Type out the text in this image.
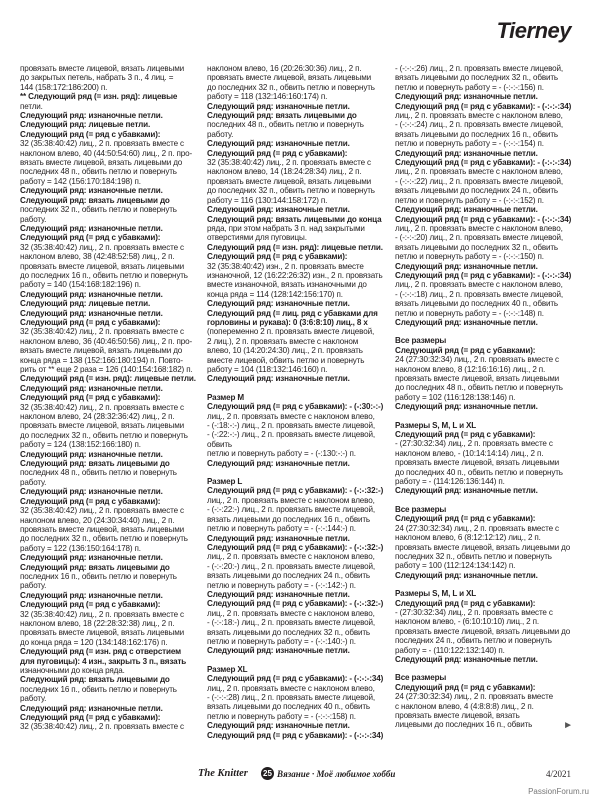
Tierney

провязать вместе лицевой, вязать лицевыми

до закрытых петель, набрать 3 п., 4 лиц. =

144 (158:172:186:200) п.

** Следующий ряд (= изн. ряд): лицевые

петли.

Следующий ряд: изнаночные петли.

Следующий ряд: лицевые петли.

Следующий ряд (= ряд с убавками):

32 (35:38:40:42) лиц., 2 п. провязать вместе с

наклоном влево, 40 (44:50:54:60) лиц., 2 п. про-

вязать вместе лицевой, вязать лицевыми до

последних 48 п., обвить петлю и повернуть

работу = 142 (156:170:184:198) п.

Следующий ряд: изнаночные петли.

Следующий ряд: вязать лицевыми до

последних 32 п., обвить петлю и повернуть

работу.

Следующий ряд: изнаночные петли.

Следующий ряд (= ряд с убавками):

32 (35:38:40:42) лиц., 2 п. провязать вместе с

наклоном влево, 38 (42:48:52:58) лиц., 2 п.

провязать вместе лицевой, вязать лицевыми

до последних 16 п., обвить петлю и повернуть

работу = 140 (154:168:182:196) п.

Следующий ряд: изнаночные петли.

Следующий ряд: лицевые петли.

Следующий ряд: изнаночные петли.

Следующий ряд (= ряд с убавками):

32 (35:38:40:42) лиц., 2 п. провязать вместе с

наклоном влево, 36 (40:46:50:56) лиц., 2 п. про-

вязать вместе лицевой, вязать лицевыми до

конца ряда = 138 (152:166:180:194) п. Повто-

рить от ** еще 2 раза = 126 (140:154:168:182) п.

Следующий ряд (= изн. ряд): лицевые петли.

Следующий ряд: изнаночные петли.

Следующий ряд (= ряд с убавками):

32 (35:38:40:42) лиц., 2 п. провязать вместе с

наклоном влево, 24 (28:32:36:42) лиц., 2 п.

провязать вместе лицевой, вязать лицевыми

до последних 32 п., обвить петлю и повернуть

работу = 124 (138:152:166:180) п.

Следующий ряд: изнаночные петли.

Следующий ряд: вязать лицевыми до

последних 48 п., обвить петлю и повернуть

работу.

Следующий ряд: изнаночные петли.

Следующий ряд (= ряд с убавками):

32 (35:38:40:42) лиц., 2 п. провязать вместе с

наклоном влево, 20 (24:30:34:40) лиц., 2 п.

провязать вместе лицевой, вязать лицевыми

до последних 32 п., обвить петлю и повернуть

работу = 122 (136:150:164:178) п.

Следующий ряд: изнаночные петли.

Следующий ряд: вязать лицевыми до

последних 16 п., обвить петлю и повернуть

работу.

Следующий ряд: изнаночные петли.

Следующий ряд (= ряд с убавками):

32 (35:38:40:42) лиц., 2 п. провязать вместе с

наклоном влево, 18 (22:28:32:38) лиц., 2 п.

провязать вместе лицевой, вязать лицевыми

до конца ряда = 120 (134:148:162:176) п.

Следующий ряд (= изн. ряд с отверстием

для пуговицы): 4 изн., закрыть 3 п., вязать

изнаночными до конца ряда.

Следующий ряд: вязать лицевыми до

последних 16 п., обвить петлю и повернуть

работу.

Следующий ряд: изнаночные петли.

Следующий ряд (= ряд с убавками):

32 (35:38:40:42) лиц., 2 п. провязать вместе с

наклоном влево, 16 (20:26:30:36) лиц., 2 п.

провязать вместе лицевой, вязать лицевыми

до последних 32 п., обвить петлю и повернуть

работу = 118 (132:146:160:174) п.

Следующий ряд: изнаночные петли.

Следующий ряд: вязать лицевыми до

последних 48 п., обвить петлю и повернуть

работу.

Следующий ряд: изнаночные петли.

Следующий ряд (= ряд с убавками):

32 (35:38:40:42) лиц., 2 п. провязать вместе с

наклоном влево, 14 (18:24:28:34) лиц., 2 п.

провязать вместе лицевой, вязать лицевыми

до последних 32 п., обвить петлю и повернуть

работу = 116 (130:144:158:172) п.

Следующий ряд: изнаночные петли.

Следующий ряд: вязать лицевыми до конца

ряда, при этом набрать 3 п. над закрытыми

отверстиями для пуговицы.

Следующий ряд (= изн. ряд): лицевые петли.

Следующий ряд (= ряд с убавками):

32 (35:38:40:42) изн., 2 п. провязать вместе

изнаночной, 12 (16:22:26:32) изн., 2 п. провязать

вместе изнаночной, вязать изнаночными до

конца ряда = 114 (128:142:156:170) п.

Следующий ряд: изнаночные петли.

Следующий ряд (= лиц. ряд с убавками для

горловины и рукава): 0 (3:6:8:10) лиц., 8 х

(попеременно 2 п. провязать вместе лицевой,

2 лиц.), 2 п. провязать вместе с наклоном

влево, 10 (14:20:24:30) лиц., 2 п. провязать

вместе лицевой, обвить петлю и повернуть

работу = 104 (118:132:146:160) п.

Следующий ряд: изнаночные петли.

Размер M

Следующий ряд (= ряд с убавками): - (-:30:-:-)

лиц., 2 п. провязать вместе с наклоном влево,

- (-:18:-:-) лиц., 2 п. провязать вместе лицевой,

- (-:22:-:-) лиц., 2 п. провязать вместе лицевой, обвить

петлю и повернуть работу = - (-:130:-:-) п.

Следующий ряд: изнаночные петли.

Размер L

Следующий ряд (= ряд с убавками): - (-:-:32:-)

лиц., 2 п. провязать вместе с наклоном влево,

- (-:-:22:-) лиц., 2 п. провязать вместе лицевой,

вязать лицевыми до последних 16 п., обвить

петлю и повернуть работу = - (-:-:144:-) п.

Следующий ряд: изнаночные петли.

Следующий ряд (= ряд с убавками): - (-:-:32:-)

лиц., 2 п. провязать вместе с наклоном влево,

- (-:-:20:-) лиц., 2 п. провязать вместе лицевой,

вязать лицевыми до последних 24 п., обвить

петлю и повернуть работу = - (-:-:142:-) п.

Следующий ряд: изнаночные петли.

Следующий ряд (= ряд с убавками): - (-:-:32:-)

лиц., 2 п. провязать вместе с наклоном влево,

- (-:-:18:-) лиц., 2 п. провязать вместе лицевой,

вязать лицевыми до последних 32 п., обвить

петлю и повернуть работу = - (-:-:140:-) п.

Следующий ряд: изнаночные петли.

Размер XL

Следующий ряд (= ряд с убавками): - (-:-:-:34)

лиц., 2 п. провязать вместе с наклоном влево,

- (-:-:-:28) лиц., 2 п. провязать вместе лицевой,

вязать лицевыми до последних 40 п., обвить

петлю и повернуть работу = - (-:-:-:158) п.

Следующий ряд: изнаночные петли.

Следующий ряд (= ряд с убавками): - (-:-:-:34)

- (-:-:-:26) лиц., 2 п. провязать вместе лицевой,

вязать лицевыми до последних 32 п., обвить

петлю и повернуть работу = - (-:-:-:156) п.

Следующий ряд: изнаночные петли.

Следующий ряд (= ряд с убавками): - (-:-:-:34)

лиц., 2 п. провязать вместе с наклоном влево,

- (-:-:-:24) лиц., 2 п. провязать вместе лицевой,

вязать лицевыми до последних 16 п., обвить

петлю и повернуть работу = - (-:-:-:154) п.

Следующий ряд: изнаночные петли.

Следующий ряд (= ряд с убавками): - (-:-:-:34)

лиц., 2 п. провязать вместе с наклоном влево,

- (-:-:-:22) лиц., 2 п. провязать вместе лицевой,

вязать лицевыми до последних 24 п., обвить

петлю и повернуть работу = - (-:-:-:152) п.

Следующий ряд: изнаночные петли.

Следующий ряд (= ряд с убавками): - (-:-:-:34)

лиц., 2 п. провязать вместе с наклоном влево,

- (-:-:-:20) лиц., 2 п. провязать вместе лицевой,

вязать лицевыми до последних 32 п., обвить

петлю и повернуть работу = - (-:-:-:150) п.

Следующий ряд: изнаночные петли.

Следующий ряд (= ряд с убавками): - (-:-:-:34)

лиц., 2 п. провязать вместе с наклоном влево,

- (-:-:-:18) лиц., 2 п. провязать вместе лицевой,

вязать лицевыми до последних 40 п., обвить

петлю и повернуть работу = - (-:-:-:148) п.

Следующий ряд: изнаночные петли.

Все размеры

Следующий ряд (= ряд с убавками):

24 (27:30:32:34) лиц., 2 п. провязать вместе с

наклоном влево, 8 (12:16:16:16) лиц., 2 п.

провязать вместе лицевой, вязать лицевыми

до последних 48 п., обвить петлю и повернуть

работу = 102 (116:128:138:146) п.

Следующий ряд: изнаночные петли.

Размеры S, M, L и XL

Следующий ряд (= ряд с убавками):

- (27:30:32:34) лиц., 2 п. провязать вместе с

наклоном влево, - (10:14:14:14) лиц., 2 п.

провязать вместе лицевой, вязать лицевыми

до последних 40 п., обвить петлю и повернуть

работу = - (114:126:136:144) п.

Следующий ряд: изнаночные петли.

Все размеры

Следующий ряд (= ряд с убавками):

24 (27:30:32:34) лиц., 2 п. провязать вместе с

наклоном влево, 6 (8:12:12:12) лиц., 2 п.

провязать вместе лицевой, вязать лицевыми до

последних 32 п., обвить петлю и повернуть

работу = 100 (112:124:134:142) п.

Следующий ряд: изнаночные петли.

Размеры S, M, L и XL

Следующий ряд (= ряд с убавками):

- (27:30:32:34) лиц., 2 п. провязать вместе с

наклоном влево, - (6:10:10:10) лиц., 2 п.

провязать вместе лицевой, вязать лицевыми до

последних 24 п., обвить петлю и повернуть

работу = - (110:122:132:140) п.

Следующий ряд: изнаночные петли.

Все размеры

Следующий ряд (= ряд с убавками):

24 (27:30:32:34) лиц., 2 п. провязать вместе

с наклоном влево, 4 (4:8:8:8) лиц., 2 п.

провязать вместе лицевой, вязать

лицевыми до последних 16 п., обвить	►
The Knitter 25 Вязание · Моё любимое хобби	4/2021
PassionForum.ru
